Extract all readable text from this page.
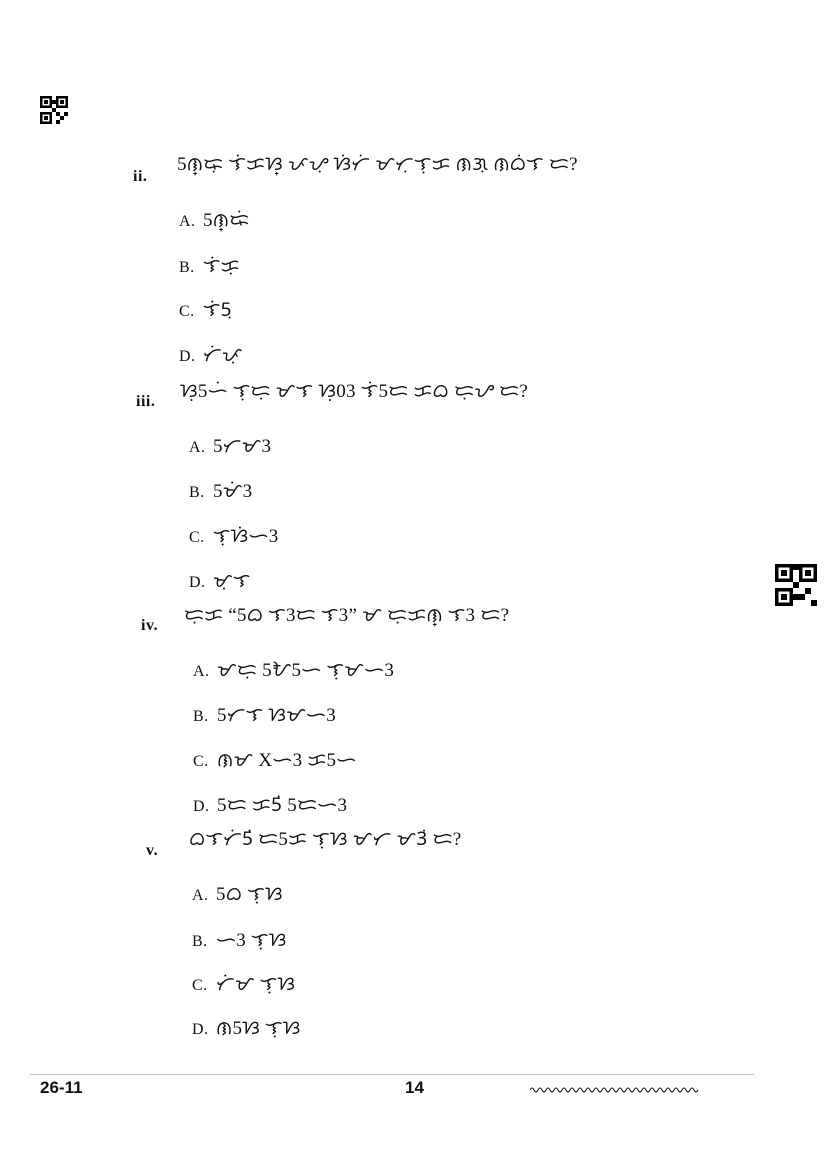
ii.
5ᜈ᜔ᜍᜓ ᜎᜒᜃᜐ᜔ ᜉᜌᜓ ᜐᜒᜆᜒ ᜋᜆᜓᜎᜓᜃ ᜈᜄᜓ ᜈᜊᜒᜎ ᜇ?
A. 5ᜈ᜔ᜍᜒ
B. ᜎᜒᜃᜓ
C. ᜎᜒ5ᜓ
D. ᜆᜒᜉᜓ
iii. ᜐᜓ5ᜑᜒ ᜎᜓᜇᜓ ᜋᜎ ᜐᜓ03 ᜎᜒ5ᜇ ᜃᜊ ᜇᜓᜌ ᜇ?
A. 5ᜆᜋ3
B. 5ᜋᜒ3
C. ᜎᜓᜐᜒᜑ3
D. ᜋᜓᜎ
iv. ᜇᜓᜃ “5ᜊ ᜎ3ᜇ ᜎ3” ᜋ ᜇᜓᜃᜈ᜔ ᜎ3 ᜇ?
A. ᜋᜇᜓ 5ᜀ5ᜑ ᜎᜓᜋᜑ3
B. 5ᜆᜎ ᜐᜋᜑ3
C. ᜈᜋ Xᜑ3 ᜃ5ᜑ
D. 5ᜇ ᜃ5ᜒ 5ᜇᜑ3
v.
ᜊᜎᜆᜒ5ᜒ ᜇ5ᜃ ᜎᜓᜐ ᜋᜆ ᜋ3ᜒ ᜇ?
A. 5ᜊ ᜎᜓᜐ
B. ᜑ3 ᜎᜓᜐ
C. ᜆᜒᜋ ᜎᜓᜐ
D. ᜈ5ᜐ ᜎᜓᜐ
26-11	14
